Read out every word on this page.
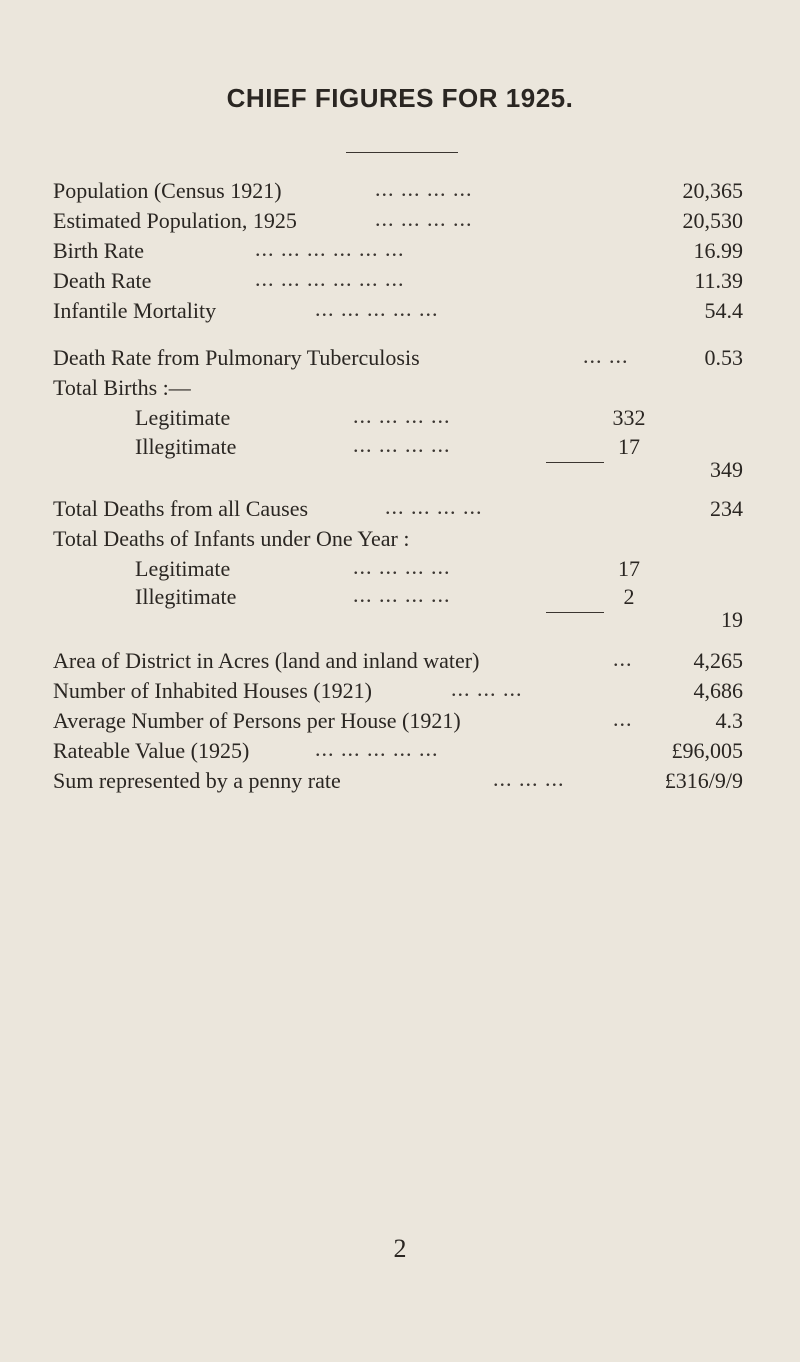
CHIEF FIGURES FOR 1925.
Population (Census 1921)	... ... ... ...	20,365
Estimated Population, 1925	... ... ... ...	20,530
Birth Rate	... ... ... ... ... ...	16.99
Death Rate	... ... ... ... ... ...	11.39
Infantile Mortality	... ... ... ... ...	54.4
Death Rate from Pulmonary Tuberculosis	... ...	0.53
Total Births :—
Legitimate	... ... ... ...	332
Illegitimate	... ... ... ...	17
349
Total Deaths from all Causes	... ... ... ...	234
Total Deaths of Infants under One Year :
Legitimate	... ... ... ...	17
Illegitimate	... ... ... ...	2
19
Area of District in Acres (land and inland water)	...	4,265
Number of Inhabited Houses (1921)	... ... ...	4,686
Average Number of Persons per House (1921)	...	4.3
Rateable Value (1925)	... ... ... ... ...	£96,005
Sum represented by a penny rate	... ... ...	£316/9/9
2
